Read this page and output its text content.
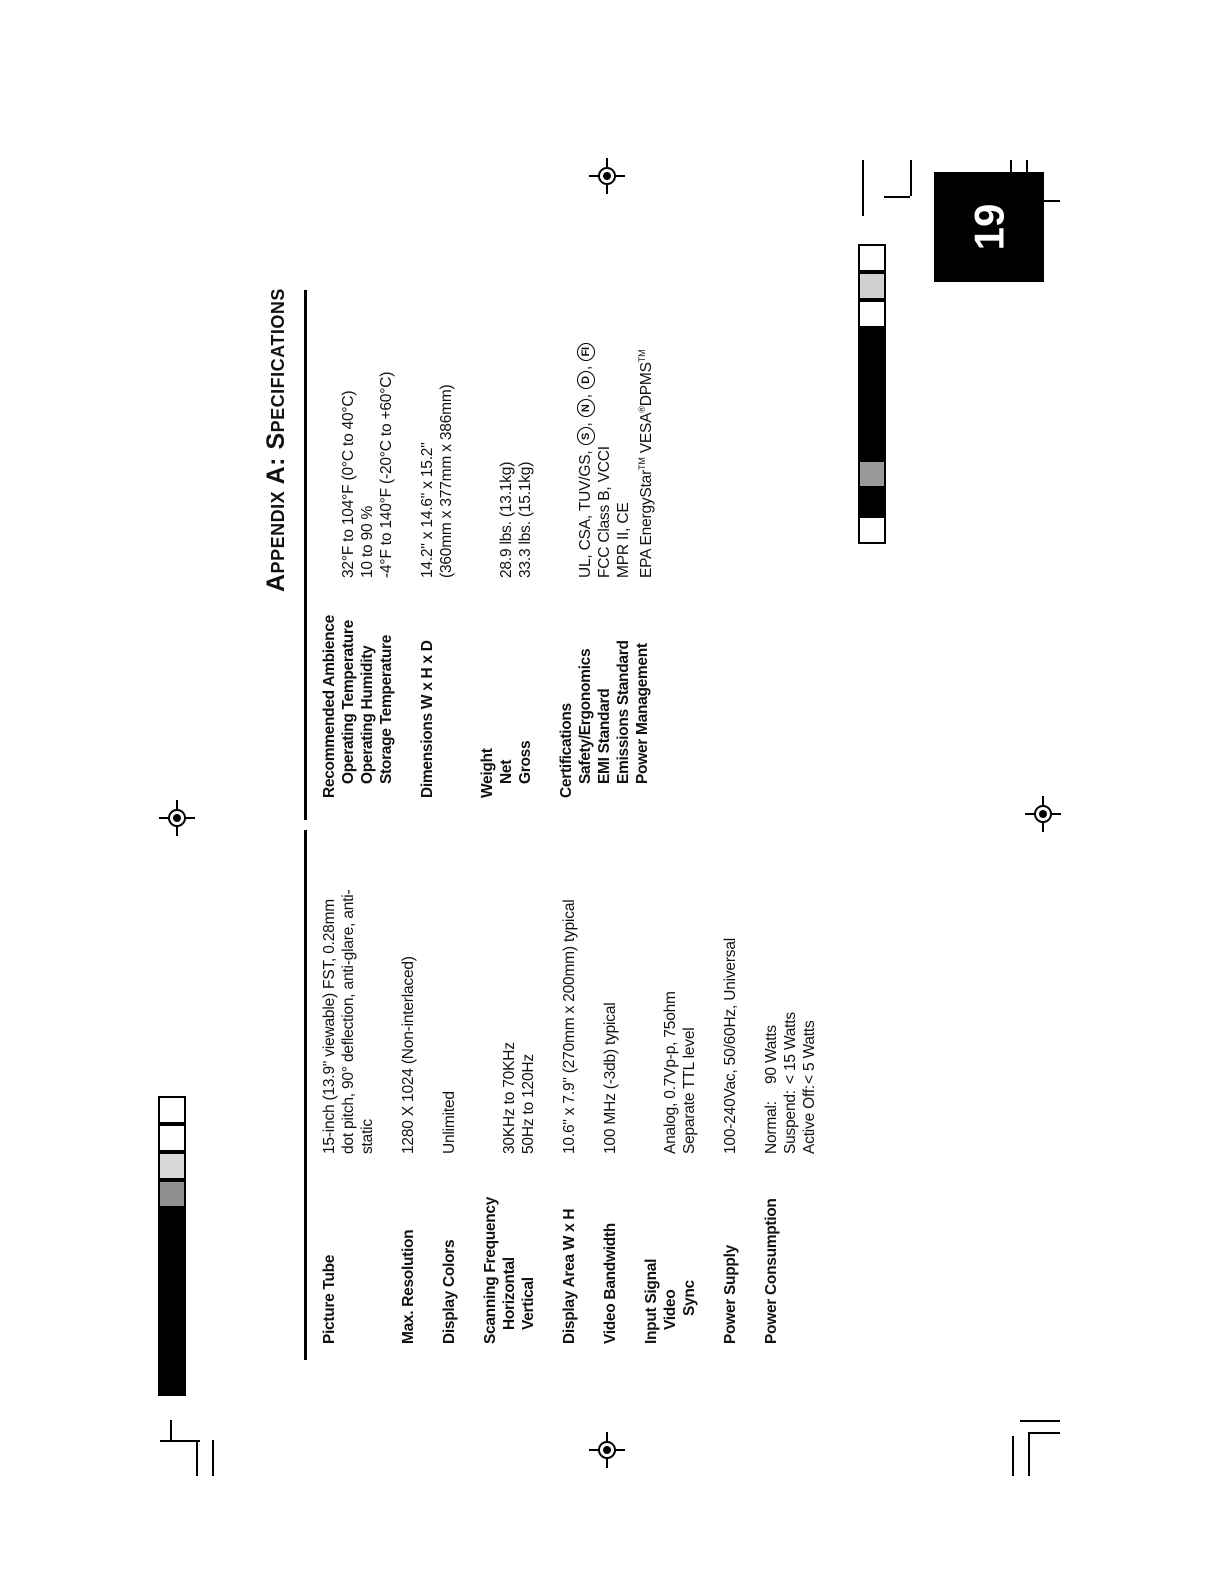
19
APPENDIX A: SPECIFICATIONS
Picture Tube
15-inch (13.9" viewable) FST, 0.28mm dot pitch, 90° deflection, anti-glare, anti- static
Max. Resolution
1280 X 1024 (Non-interlaced)
Display Colors
Unlimited
Scanning Frequency Horizontal Vertical

30KHz to 70KHz 50Hz to 120Hz
Display Area W x H
10.6" x 7.9" (270mm x 200mm) typical
Video Bandwidth
100 MHz (-3db) typical
Input Signal Video Sync

Analog, 0.7Vp-p, 75ohm Separate TTL level
Power Supply
100-240Vac, 50/60Hz, Universal
Power Consumption
Normal:
90 Watts
Suspend:
< 15 Watts
Active Off:
< 5 Watts
Recommended Ambience Operating Temperature Operating Humidity Storage Temperature

32°F to 104°F (0°C to 40°C) 10 to 90 % -4°F to 140°F (-20°C to +60°C)
Dimensions W x H x D
14.2" x 14.6" x 15.2" (360mm x 377mm x 386mm)
Weight Net Gross

28.9 lbs. (13.1kg) 33.3 lbs. (15.1kg)
Certifications Safety/Ergonomics EMI Standard Emissions Standard Power Management

UL, CSA, TUV/GS, S, N, D, FI
FCC Class B, VCCI MPR II, CE EPA EnergyStar™ VESA®DPMS™
